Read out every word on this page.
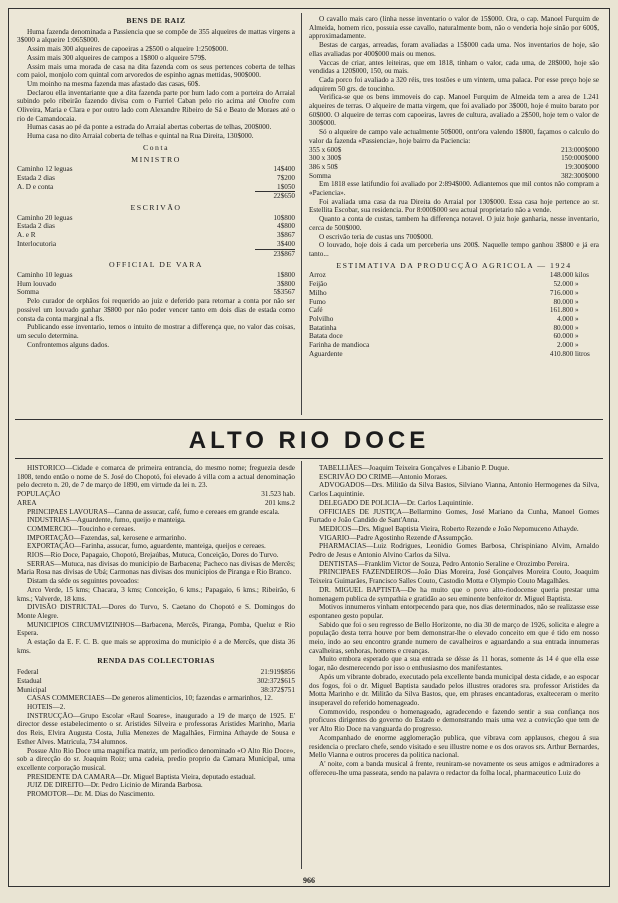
BENS DE RAIZ

Huma fazenda denominada a Passiencia que se compõe de 355 alqueires de mattas virgens a 3$000 a alqueire 1:065$000.

Assim mais 300 alqueires de capoeiras a 2$500 o alqueire 1:250$000.

Assim mais 300 alqueires de campos a 1$800 o alqueire 579$.

Assim mais uma morada de casa na dita fazenda com os seus pertences coberta de telhas com paiol, monjolo com quintal com arvoredos de espinho agnas mettidas, 900$000.

Um moinho na mesma fazenda mas afastado das casas, 60$.

Declarou ella inventariante que a dita fazenda parte por hum lado com a porteira do Arraial subindo pelo ribeirão fazendo divisa com o Furriel Caban pelo rio acima até Onofre com Oliveira, Maria e Clara e por outro lado com Alexandre Ribeiro de Sá e Beato de Moraes até o rio de Camandocaia.

Humas casas ao pé da ponte a estrada do Arraial abertas cobertas de telhas, 200$000.

Huma casa no dito Arraial coberta de telhas e quintal na Rua Direita, 130$000.

Conta
MINISTRO
Caminho 12 leguas	14$400
Estada 2 dias	7$200
A. D e conta	1$050
22$650
ESCRIVÃO
Caminho 20 leguas	10$800
Estada 2 dias	4$800
A. e R	3$867
Interlocutoria	3$400
23$867
OFFICIAL DE VARA
Caminho 10 leguas	1$800
Hum louvado	3$800
Somma	5$3567

Pelo curador de orphãos foi requerido ao juiz e deferido para retornar a conta por não ser possivel um louvado ganhar 3$800 por não poder vencer tanto em dois dias de estada como consta da conta marginal a fls.

Publicando esse inventario, temos o intuito de mostrar a differença que, no valor das coisas, um seculo determina.

Confrontemos alguns dados.

O cavallo mais caro (linha nesse inventario o valor de 15$000. Ora, o cap. Manoel Furquim de Almeida, homem rico, possuia esse cavallo, naturalmente bom, não o venderia hoje sinão por 600$, approximadamente.

Bestas de cargas, arreadas, foram avaliadas a 15$000 cada uma. Nos inventarios de hoje, são ellas avaliadas por 400$000 mais ou menos.

Vaccas de criar, antes leiteiras, que em 1818, tinham o valor, cada uma, de 28$000, hoje são vendidas a 120$000, 150, ou mais.

Cada porco foi avaliado a 320 réis, tres tostões e um vintem, uma palaca. Por esse preço hoje se adquirem 50 grs. de toucinho.

Verifica-se que os bens immoveis do cap. Manoel Furquim de Almeida tem a area de 1.241 alqueires de terras. O alqueire de matta virgem, que foi avaliado por 3$000, hoje é muito barato por 60$000. O alqueire de terras com capoeiras, lavres de cultura, avaliado a 2$500, hoje tem o valor de 300$000.

Só o alqueire de campo vale actualmente 50$000, ontr'ora valendo 1$800, façamos o calculo do valor da fazenda «Passiencia», hoje bairro da Paciencia:

355 x 600$	213:000$000
300 x 300$	150:000$000
386 x 50$	19:300$000
Somma	382:300$000

Em 1818 esse latifundio foi avaliado por 2:894$000. Adiantemos que mil contos não compram a «Paciencia».

Foi avaliada uma casa da rua Direita do Arraial por 130$000. Essa casa hoje pertence ao sr. Estellita Escobar, sua residencia. Por 8:000$000 seu actual proprietario não a vende.

Quanto a conta de custas, tambem ha differença notavel. O juiz hoje ganharia, nesse inventario, cerca de 500$000.

O escrivão teria de custas uns 700$000.

O louvado, hoje dois á cada um perceberia uns 200$. Naquelle tempo ganhou 3$800 e já era tanto...

ESTIMATIVA DA PRODUCÇÃO AGRICOLA — 1924
Arroz	148.000 kilos
Feijão	52.000 »
Milho	716.000 »
Fumo	80.000 »
Café	161.800 »
Polvilho	4.000 »
Batatinha	80.000 »
Batata doce	60.000 »
Farinha de mandioca	2.000 »
Aguardente	410.800 litros
ALTO RIO DOCE

HISTORICO—Cidade e comarca de primeira entrancia, do mesmo nome; freguezia desde 1808, tendo então o nome de S. José do Chopotó, foi elevado á villa com a actual denominação pelo decreto n. 20, de 7 de março de 1890, em virtude da lei n. 23.

POPULAÇÃO	31.523 hab.
AREA	201 kms.2

PRINCIPAES LAVOURAS—Canna de assucar, café, fumo e cereaes em grande escala.

INDUSTRIAS—Aguardente, fumo, queijo e manteiga.

COMMERCIO—Toucinho e cereaes.

IMPORTAÇÃO—Fazendas, sal, kerosene e armarinho.

EXPORTAÇÃO—Farinha, assucar, fumo, aguardente, manteiga, queijos e cereaes.

RIOS—Rio Doce, Papagaio, Chopotó, Brejaúbas, Mutuca, Conceição, Dores do Turvo.

SERRAS—Mutuca, nas divisas do municipio de Barbacena; Pacheco nas divisas de Mercês; Maria Rosa nas divisas de Ubá; Carmonas nas divisas dos municipios de Piranga e Rio Branco.

Distam da séde os seguintes povoados:

Arco Verde, 15 kms; Chacara, 3 kms; Conceição, 6 kms.; Papagaio, 6 kms.; Ribeirão, 6 kms.; Valverde, 18 kms.

DIVISÃO DISTRICTAL—Dores do Turvo, S. Caetano do Chopotó e S. Domingos do Monte Alegre.

MUNICIPIOS CIRCUMVIZINHOS—Barbacena, Mercês, Piranga, Pomba, Queluz e Rio Espera.

A estação da E. F. C. B. que mais se approxima do municipio é a de Mercês, que dista 36 kms.

RENDA DAS COLLECTORIAS
Federal	21:919$856
Estadual	302:372$615
Municipal	38:372$751

CASAS COMMERCIAES—De generos alimenticios, 10; fazendas e armarinhos, 12.

HOTEIS—2.

INSTRUCÇÃO—Grupo Escolar «Raul Soares», inaugurado a 19 de março de 1925. E' director desse estabelecimento o sr. Aristides Silveira e professoras Aristides Marinho, Maria dos Reis, Elvira Augusta Costa, Julia Menezes de Magalhães, Firmina Athayde de Sousa e Esther Alves. Matricula, 734 alumnos.

Possue Alto Rio Doce uma magnifica matriz, um periodico denominado «O Alto Rio Doce», sob a direcção do sr. Joaquim Roiz; uma cadeia, predio proprio da Camara Municipal, uma excellente corporação musical.

PRESIDENTE DA CAMARA—Dr. Miguel Baptista Vieira, deputado estadual.

JUIZ DE DIREITO—Dr. Pedro Licinio de Miranda Barbosa.

PROMOTOR—Dr. M. Dias do Nascimento.

TABELLIÃES—Joaquim Teixeira Gonçalves e Libanio P. Duque.

ESCRIVÃO DO CRIME—Antonio Moraes.

ADVOGADOS—Drs. Militão da Silva Bastos, Silviano Vianna, Antonio Hermogenes da Silva, Carlos Laquintinie.

DELEGADO DE POLICIA—Dr. Carlos Laquintinie.

OFFICIAES DE JUSTIÇA—Bellarmino Gomes, José Mariano da Cunha, Manoel Gomes Furtado e João Candido de Sant'Anna.

MEDICOS—Drs. Miguel Baptista Vieira, Roberto Rezende e João Nepomuceno Athayde.

VIGARIO—Padre Agostinho Rezende d'Assumpção.

PHARMACIAS—Luiz Rodrigues, Leonidio Gomes Barbosa, Chrispiniano Alvim, Arnaldo Pedro de Jesus e Antonio Alvino Carlos da Silva.

DENTISTAS—Franklim Victor de Souza, Pedro Antonio Seraline e Orozimbo Pereira.

PRINCIPAES FAZENDEIROS—João Dias Moreira, José Gonçalves Moreira Couto, Joaquim Teixeira Guimarães, Francisco Salles Couto, Castodio Motta e Olympio Couto Magalhães.

DR. MIGUEL BAPTISTA—De ha muito que o povo alto-riodocense queria prestar uma homenagem publica de sympathia e gratidão ao seu eminente benfeitor dr. Miguel Baptista.

Motivos innumeros vinham entorpecendo para que, nos dias determinados, não se realizasse esse espontaneo gesto popular.

Sabido que foi o seu regresso de Bello Horizonte, no dia 30 de março de 1926, solicita e alegre a população desta terra houve por bem demonstrar-lhe o elevado conceito em que é tido em nosso meio, indo ao seu encontro grande numero de cavalheiros e aguardando a sua entrada innumeras cavalheiras, senhoras, homens e creanças.

Muito embora esperado que a sua entrada se désse ás 11 horas, somente ás 14 é que ella esse logar, não desmerecendo por isso o enthusiasmo dos manifestantes.

Após um vibrante dobrado, executado pela excellente banda municipal desta cidade, e ao espocar dos fogos, foi o dr. Miguel Baptista saudado pelos illustres oradores sra. professor Aristides da Motta Marinho e dr. Militão da Silva Bastos, que, em phrases encantadoras, exalteceram o merito insuperavel do referido homenageado.

Commovido, respondeu o homenageado, agradecendo e fazendo sentir a sua confiança nos proficuos dirigentes do governo do Estado e demonstrando mais uma vez a convicção que tem de ver Alto Rio Doce na vanguarda do progresso.

Acompanhado de enorme agglomeração publica, que vibrava com applausos, chegou á sua residencia o preclaro chefe, sendo visitado e seu illustre nome e os dos oravos srs. Arthur Bernardes, Mello Vianna e outros proceres da politica nacional.

A' noite, com a banda musical á frente, reuniram-se novamente os seus amigos e admiradores a offereceu-lhe uma passeata, sendo na palavra o redactor da folha local, pharmaceutico Luiz do

966
